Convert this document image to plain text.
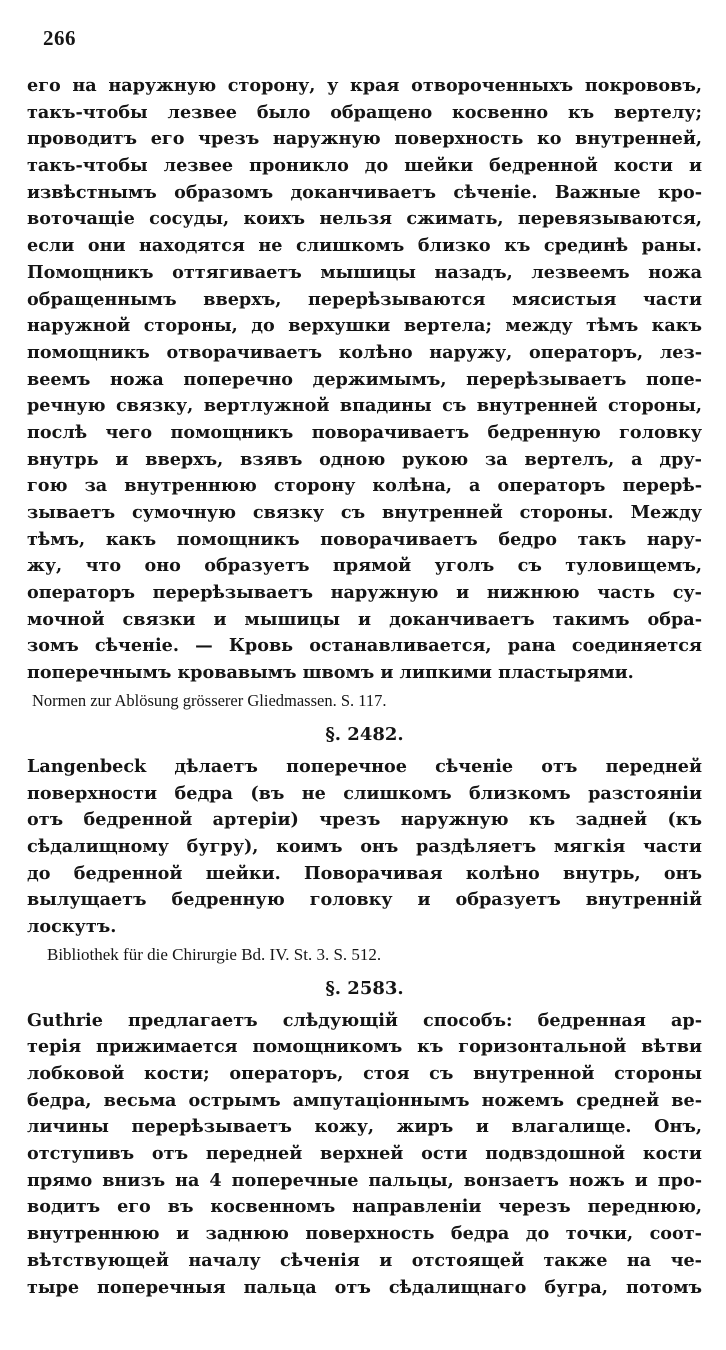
266
его на наружную сторону, у края отвороченныхъ покрововъ,
такъ-чтобы лезвее было обращено косвенно къ вертелу;
проводитъ его чрезъ наружную поверхность ко внутренней,
такъ-чтобы лезвее проникло до шейки бедренной кости и
извѣстнымъ образомъ доканчиваетъ сѣченіе. Важные кро-
воточащіе сосуды, коихъ нельзя сжимать, перевязываются,
если они находятся не слишкомъ близко къ срединѣ раны.
Помощникъ оттягиваетъ мышицы назадъ, лезвеемъ ножа
обращеннымъ вверхъ, перерѣзываются мясистыя части
наружной стороны, до верхушки вертела; между тѣмъ какъ
помощникъ отворачиваетъ колѣно наружу, операторъ, лез-
веемъ ножа поперечно держимымъ, перерѣзываетъ попе-
речную связку, вертлужной впадины съ внутренней стороны,
послѣ чего помощникъ поворачиваетъ бедренную головку
внутрь и вверхъ, взявъ одною рукою за вертелъ, а дру-
гою за внутреннюю сторону колѣна, а операторъ перерѣ-
зываетъ сумочную связку съ внутренней стороны. Между
тѣмъ, какъ помощникъ поворачиваетъ бедро такъ нару-
жу, что оно образуетъ прямой уголъ съ туловищемъ,
операторъ перерѣзываетъ наружную и нижнюю часть су-
мочной связки и мышицы и доканчиваетъ такимъ обра-
зомъ сѣченіе. — Кровь останавливается, рана соединяется
поперечнымъ кровавымъ швомъ и липкими пластырями.
Normen zur Ablösung grösserer Gliedmassen. S. 117.
§. 2482.
Langenbeck дѣлаетъ поперечное сѣченіе отъ передней
поверхности бедра (въ не слишкомъ близкомъ разстояніи
отъ бедренной артеріи) чрезъ наружную къ задней (къ
сѣдалищному бугру), коимъ онъ раздѣляетъ мягкія части
до бедренной шейки. Поворачивая колѣно внутрь, онъ
вылущаетъ бедренную головку и образуетъ внутренній
лоскутъ.
Bibliothek für die Chirurgie Bd. IV. St. 3. S. 512.
§. 2583.
Guthrie предлагаетъ слѣдующій способъ: бедренная ар-
терія прижимается помощникомъ къ горизонтальной вѣтви
лобковой кости; операторъ, стоя съ внутренной стороны
бедра, весьма острымъ ампутаціоннымъ ножемъ средней ве-
личины перерѣзываетъ кожу, жиръ и влагалище. Онъ,
отступивъ отъ передней верхней ости подвздошной кости
прямо внизъ на 4 поперечные пальцы, вонзаетъ ножъ и про-
водитъ его въ косвенномъ направленіи черезъ переднюю,
внутреннюю и заднюю поверхность бедра до точки, соот-
вѣтствующей началу сѣченія и отстоящей также на че-
тыре поперечныя пальца отъ сѣдалищнаго бугра, потомъ
